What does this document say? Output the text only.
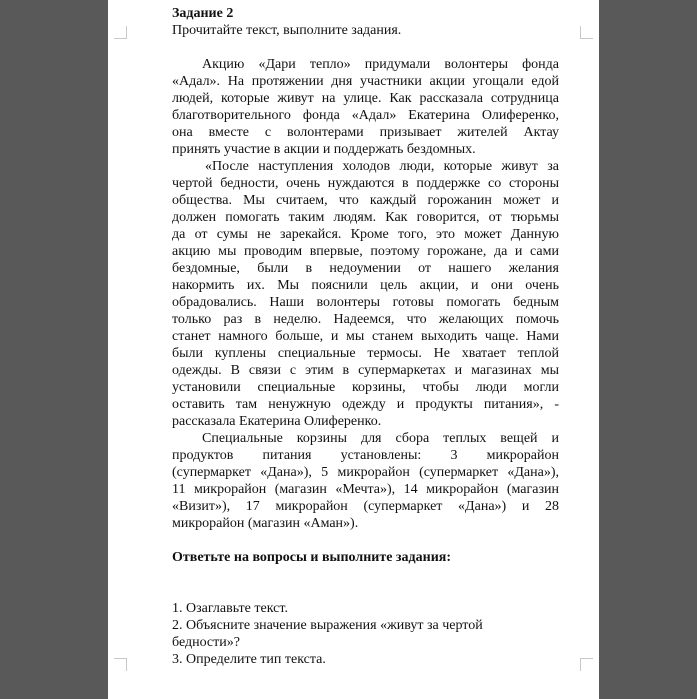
Задание 2
Прочитайте текст, выполните задания.
Акцию «Дари тепло» придумали волонтеры фонда
«Адал». На протяжении дня участники акции угощали едой
людей, которые живут на улице. Как рассказала сотрудница
благотворительного фонда «Адал» Екатерина Олиференко,
она вместе с волонтерами призывает жителей Актау
принять участие в акции и поддержать бездомных.
«После наступления холодов люди, которые живут за
чертой бедности, очень нуждаются в поддержке со стороны
общества. Мы считаем, что каждый горожанин может и
должен помогать таким людям. Как говорится, от тюрьмы
да от сумы не зарекайся. Кроме того, это может Данную
акцию мы проводим впервые, поэтому горожане, да и сами
бездомные, были в недоумении от нашего желания
накормить их. Мы пояснили цель акции, и они очень
обрадовались. Наши волонтеры готовы помогать бедным
только раз в неделю. Надеемся, что желающих помочь
станет намного больше, и мы станем выходить чаще. Нами
были куплены специальные термосы. Не хватает теплой
одежды. В связи с этим в супермаркетах и магазинах мы
установили специальные корзины, чтобы люди могли
оставить там ненужную одежду и продукты питания», -
рассказала Екатерина Олиференко.
Специальные корзины для сбора теплых вещей и
продуктов питания установлены: 3 микрорайон
(супермаркет «Дана»), 5 микрорайон (супермаркет «Дана»),
11 микрорайон (магазин «Мечта»), 14 микрорайон (магазин
«Визит»), 17 микрорайон (супермаркет «Дана») и 28
микрорайон (магазин «Аман»).
Ответьте на вопросы и выполните задания:
1. Озаглавьте текст.
2. Объясните значение выражения «живут за чертой
бедности»?
3. Определите тип текста.
